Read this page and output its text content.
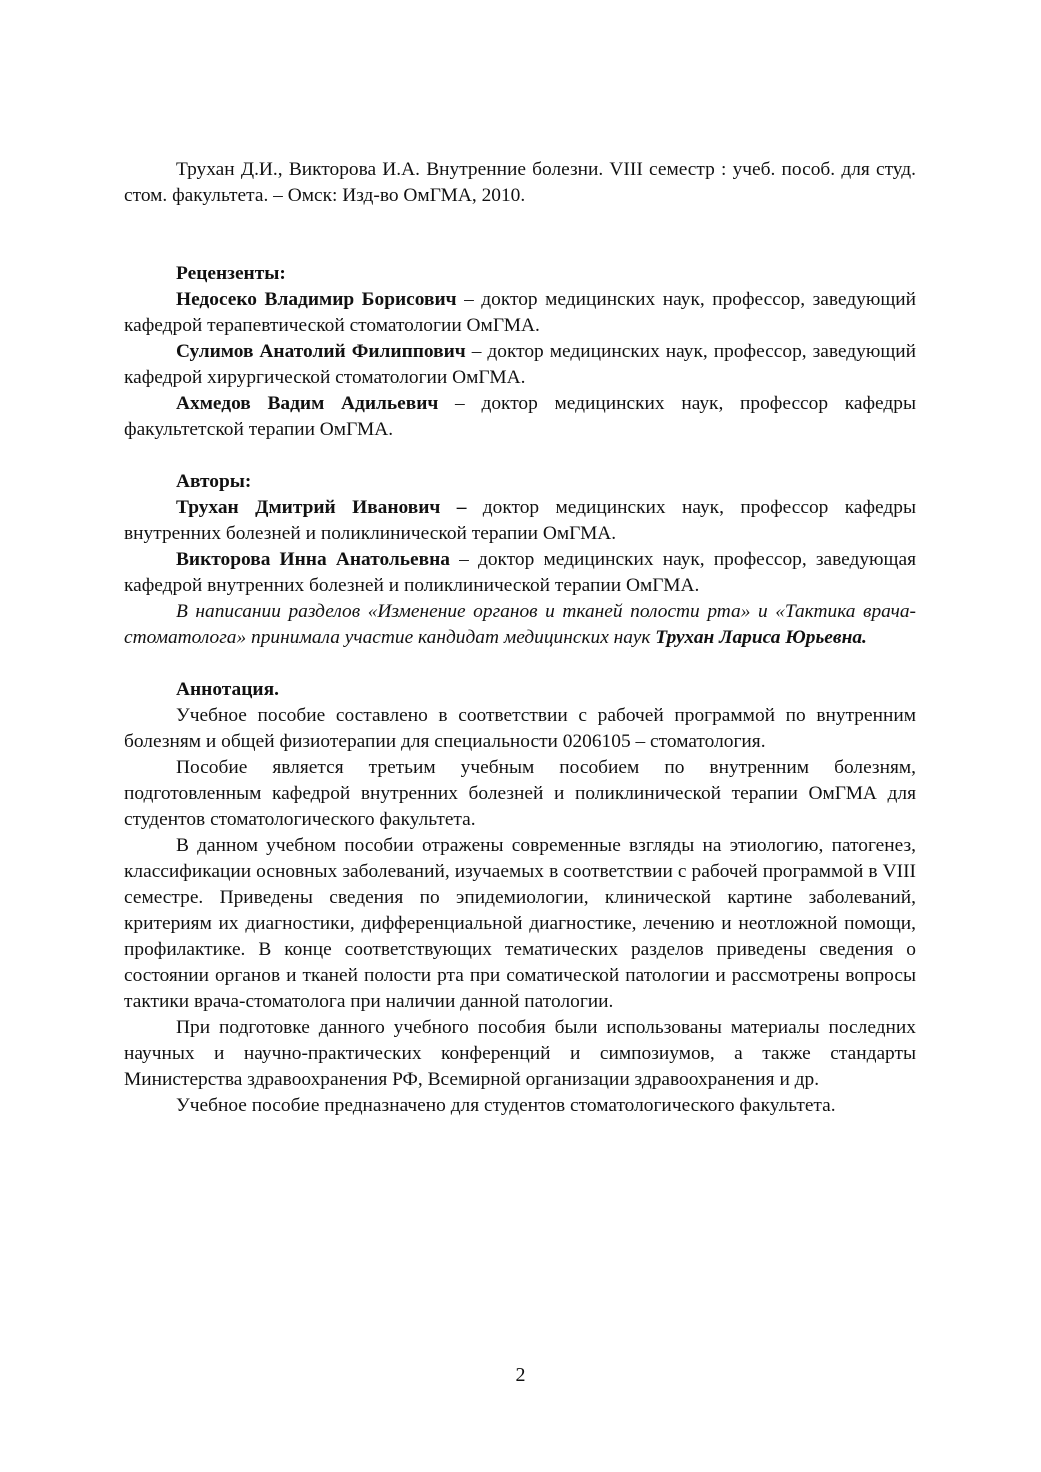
Трухан Д.И., Викторова И.А. Внутренние болезни. VIII семестр : учеб. пособ. для студ. стом. факультета. – Омск: Изд-во ОмГМА, 2010.

Рецензенты:

Недосеко Владимир Борисович – доктор медицинских наук, профессор, заведующий кафедрой терапевтической стоматологии ОмГМА.

Сулимов Анатолий Филиппович – доктор медицинских наук, профессор, заведующий кафедрой хирургической стоматологии ОмГМА.

Ахмедов Вадим Адильевич – доктор медицинских наук, профессор кафедры факультетской терапии ОмГМА.

Авторы:

Трухан Дмитрий Иванович – доктор медицинских наук, профессор кафедры внутренних болезней и поликлинической терапии ОмГМА.

Викторова Инна Анатольевна – доктор медицинских наук, профессор, заведующая кафедрой внутренних болезней и поликлинической терапии ОмГМА.

В написании разделов «Изменение органов и тканей полости рта» и «Тактика врача-стоматолога» принимала участие кандидат медицинских наук Трухан Лариса Юрьевна.

Аннотация.

Учебное пособие составлено в соответствии с рабочей программой по внутренним болезням и общей физиотерапии для специальности 0206105 – стоматология.

Пособие является третьим учебным пособием по внутренним болезням, подготовленным кафедрой внутренних болезней и поликлинической терапии ОмГМА для студентов стоматологического факультета.

В данном учебном пособии отражены современные взгляды на этиологию, патогенез, классификации основных заболеваний, изучаемых в соответствии с рабочей программой в VIII семестре. Приведены сведения по эпидемиологии, клинической картине заболеваний, критериям их диагностики, дифференциальной диагностике, лечению и неотложной помощи, профилактике. В конце соответствующих тематических разделов приведены сведения о состоянии органов и тканей полости рта при соматической патологии и рассмотрены вопросы тактики врача-стоматолога при наличии данной патологии.

При подготовке данного учебного пособия были использованы материалы последних научных и научно-практических конференций и симпозиумов, а также стандарты Министерства здравоохранения РФ, Всемирной организации здравоохранения и др.

Учебное пособие предназначено для студентов стоматологического факультета.

2
